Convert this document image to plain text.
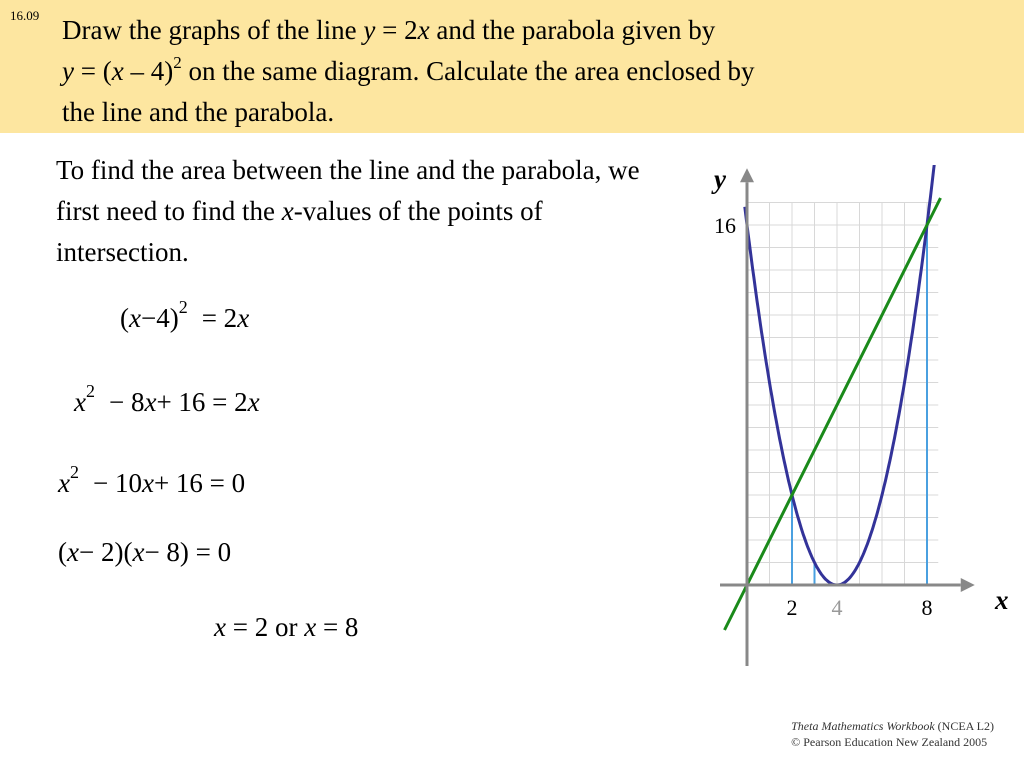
16.09 Draw the graphs of the line y = 2x and the parabola given by
y = (x – 4)$^2$ on the same diagram. Calculate the area enclosed by
the line and the parabola.
To find the area between the line and the parabola, we first need to find the x-values of the points of intersection.
$(x-4)^2 = 2x$
$x^2 - 8x+ 16 = 2x$
$x^2 - 10x+ 16 = 0$
(x− 2)(x− 8) = 0
x = 2 or x = 8
y
x
16
2 4	8
Theta Mathematics Workbook (NCEA L2)
© Pearson Education New Zealand 2005
